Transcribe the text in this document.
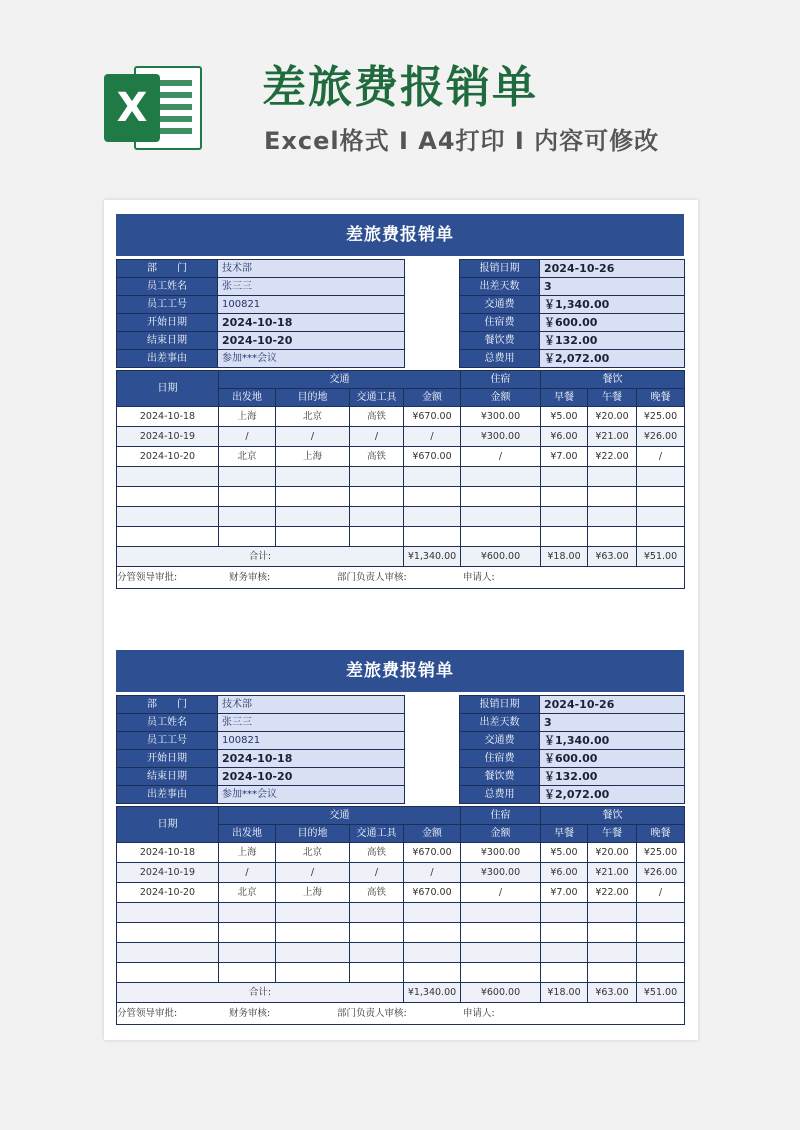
X	差旅费报销单
Excel格式 I A4打印 I 内容可修改
差旅费报销单
部　　门	技术部
员工姓名	张三三
员工工号	100821
开始日期	2024-10-18
结束日期	2024-10-20
出差事由	参加***会议
报销日期	2024-10-26
出差天数	3
交通费	￥1,340.00
住宿费	￥600.00
餐饮费	￥132.00
总费用	￥2,072.00
日期	交通				住宿	餐饮		
	出发地	目的地	交通工具	金额	金额	早餐	午餐	晚餐
2024-10-18	上海	北京	高铁	¥670.00	¥300.00	¥5.00	¥20.00	¥25.00
2024-10-19	/	/	/	/	¥300.00	¥6.00	¥21.00	¥26.00
2024-10-20	北京	上海	高铁	¥670.00	/	¥7.00	¥22.00	/

合计:				¥1,340.00	¥600.00	¥18.00	¥63.00	¥51.00
分管领导审批: 财务审核: 部门负责人审核: 申请人:								
差旅费报销单
部　　门	技术部
员工姓名	张三三
员工工号	100821
开始日期	2024-10-18
结束日期	2024-10-20
出差事由	参加***会议
报销日期	2024-10-26
出差天数	3
交通费	￥1,340.00
住宿费	￥600.00
餐饮费	￥132.00
总费用	￥2,072.00
日期	交通				住宿	餐饮		
	出发地	目的地	交通工具	金额	金额	早餐	午餐	晚餐
2024-10-18	上海	北京	高铁	¥670.00	¥300.00	¥5.00	¥20.00	¥25.00
2024-10-19	/	/	/	/	¥300.00	¥6.00	¥21.00	¥26.00
2024-10-20	北京	上海	高铁	¥670.00	/	¥7.00	¥22.00	/

合计:				¥1,340.00	¥600.00	¥18.00	¥63.00	¥51.00
分管领导审批: 财务审核: 部门负责人审核: 申请人:								
